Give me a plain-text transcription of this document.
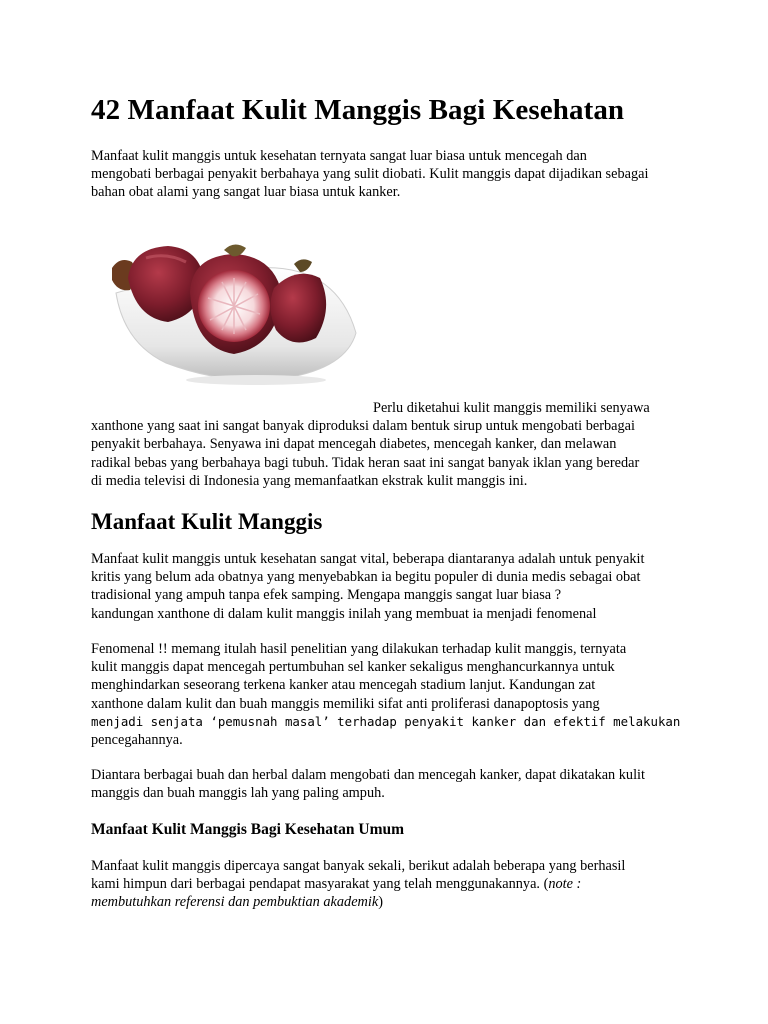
42 Manfaat Kulit Manggis Bagi Kesehatan
Manfaat kulit manggis untuk kesehatan ternyata sangat luar biasa untuk mencegah dan
mengobati berbagai penyakit berbahaya yang sulit diobati. Kulit manggis dapat dijadikan sebagai
bahan obat alami yang sangat luar biasa untuk kanker.
Perlu diketahui kulit manggis memiliki senyawa
xanthone yang saat ini sangat banyak diproduksi dalam bentuk sirup untuk mengobati berbagai
penyakit berbahaya. Senyawa ini dapat mencegah diabetes, mencegah kanker, dan melawan
radikal bebas yang berbahaya bagi tubuh. Tidak heran saat ini sangat banyak iklan yang beredar
di media televisi di Indonesia yang memanfaatkan ekstrak kulit manggis ini.
Manfaat Kulit Manggis
Manfaat kulit manggis untuk kesehatan sangat vital, beberapa diantaranya adalah untuk penyakit
kritis yang belum ada obatnya yang menyebabkan ia begitu populer di dunia medis sebagai obat
tradisional yang ampuh tanpa efek samping. Mengapa manggis sangat luar biasa ?
kandungan xanthone di dalam kulit manggis inilah yang membuat ia menjadi fenomenal
Fenomenal !! memang itulah hasil penelitian yang dilakukan terhadap kulit manggis, ternyata
kulit manggis dapat mencegah pertumbuhan sel kanker sekaligus menghancurkannya untuk
menghindarkan seseorang terkena kanker atau mencegah stadium lanjut. Kandungan zat
xanthone dalam kulit dan buah manggis memiliki sifat anti proliferasi danapoptosis yang
menjadi senjata ‘pemusnah masal’ terhadap penyakit kanker dan efektif melakukan
pencegahannya.
Diantara berbagai buah dan herbal dalam mengobati dan mencegah kanker, dapat dikatakan kulit
manggis dan buah manggis lah yang paling ampuh.
Manfaat Kulit Manggis Bagi Kesehatan Umum
Manfaat kulit manggis dipercaya sangat banyak sekali, berikut adalah beberapa yang berhasil
kami himpun dari berbagai pendapat masyarakat yang telah menggunakannya. (note :
membutuhkan referensi dan pembuktian akademik)
